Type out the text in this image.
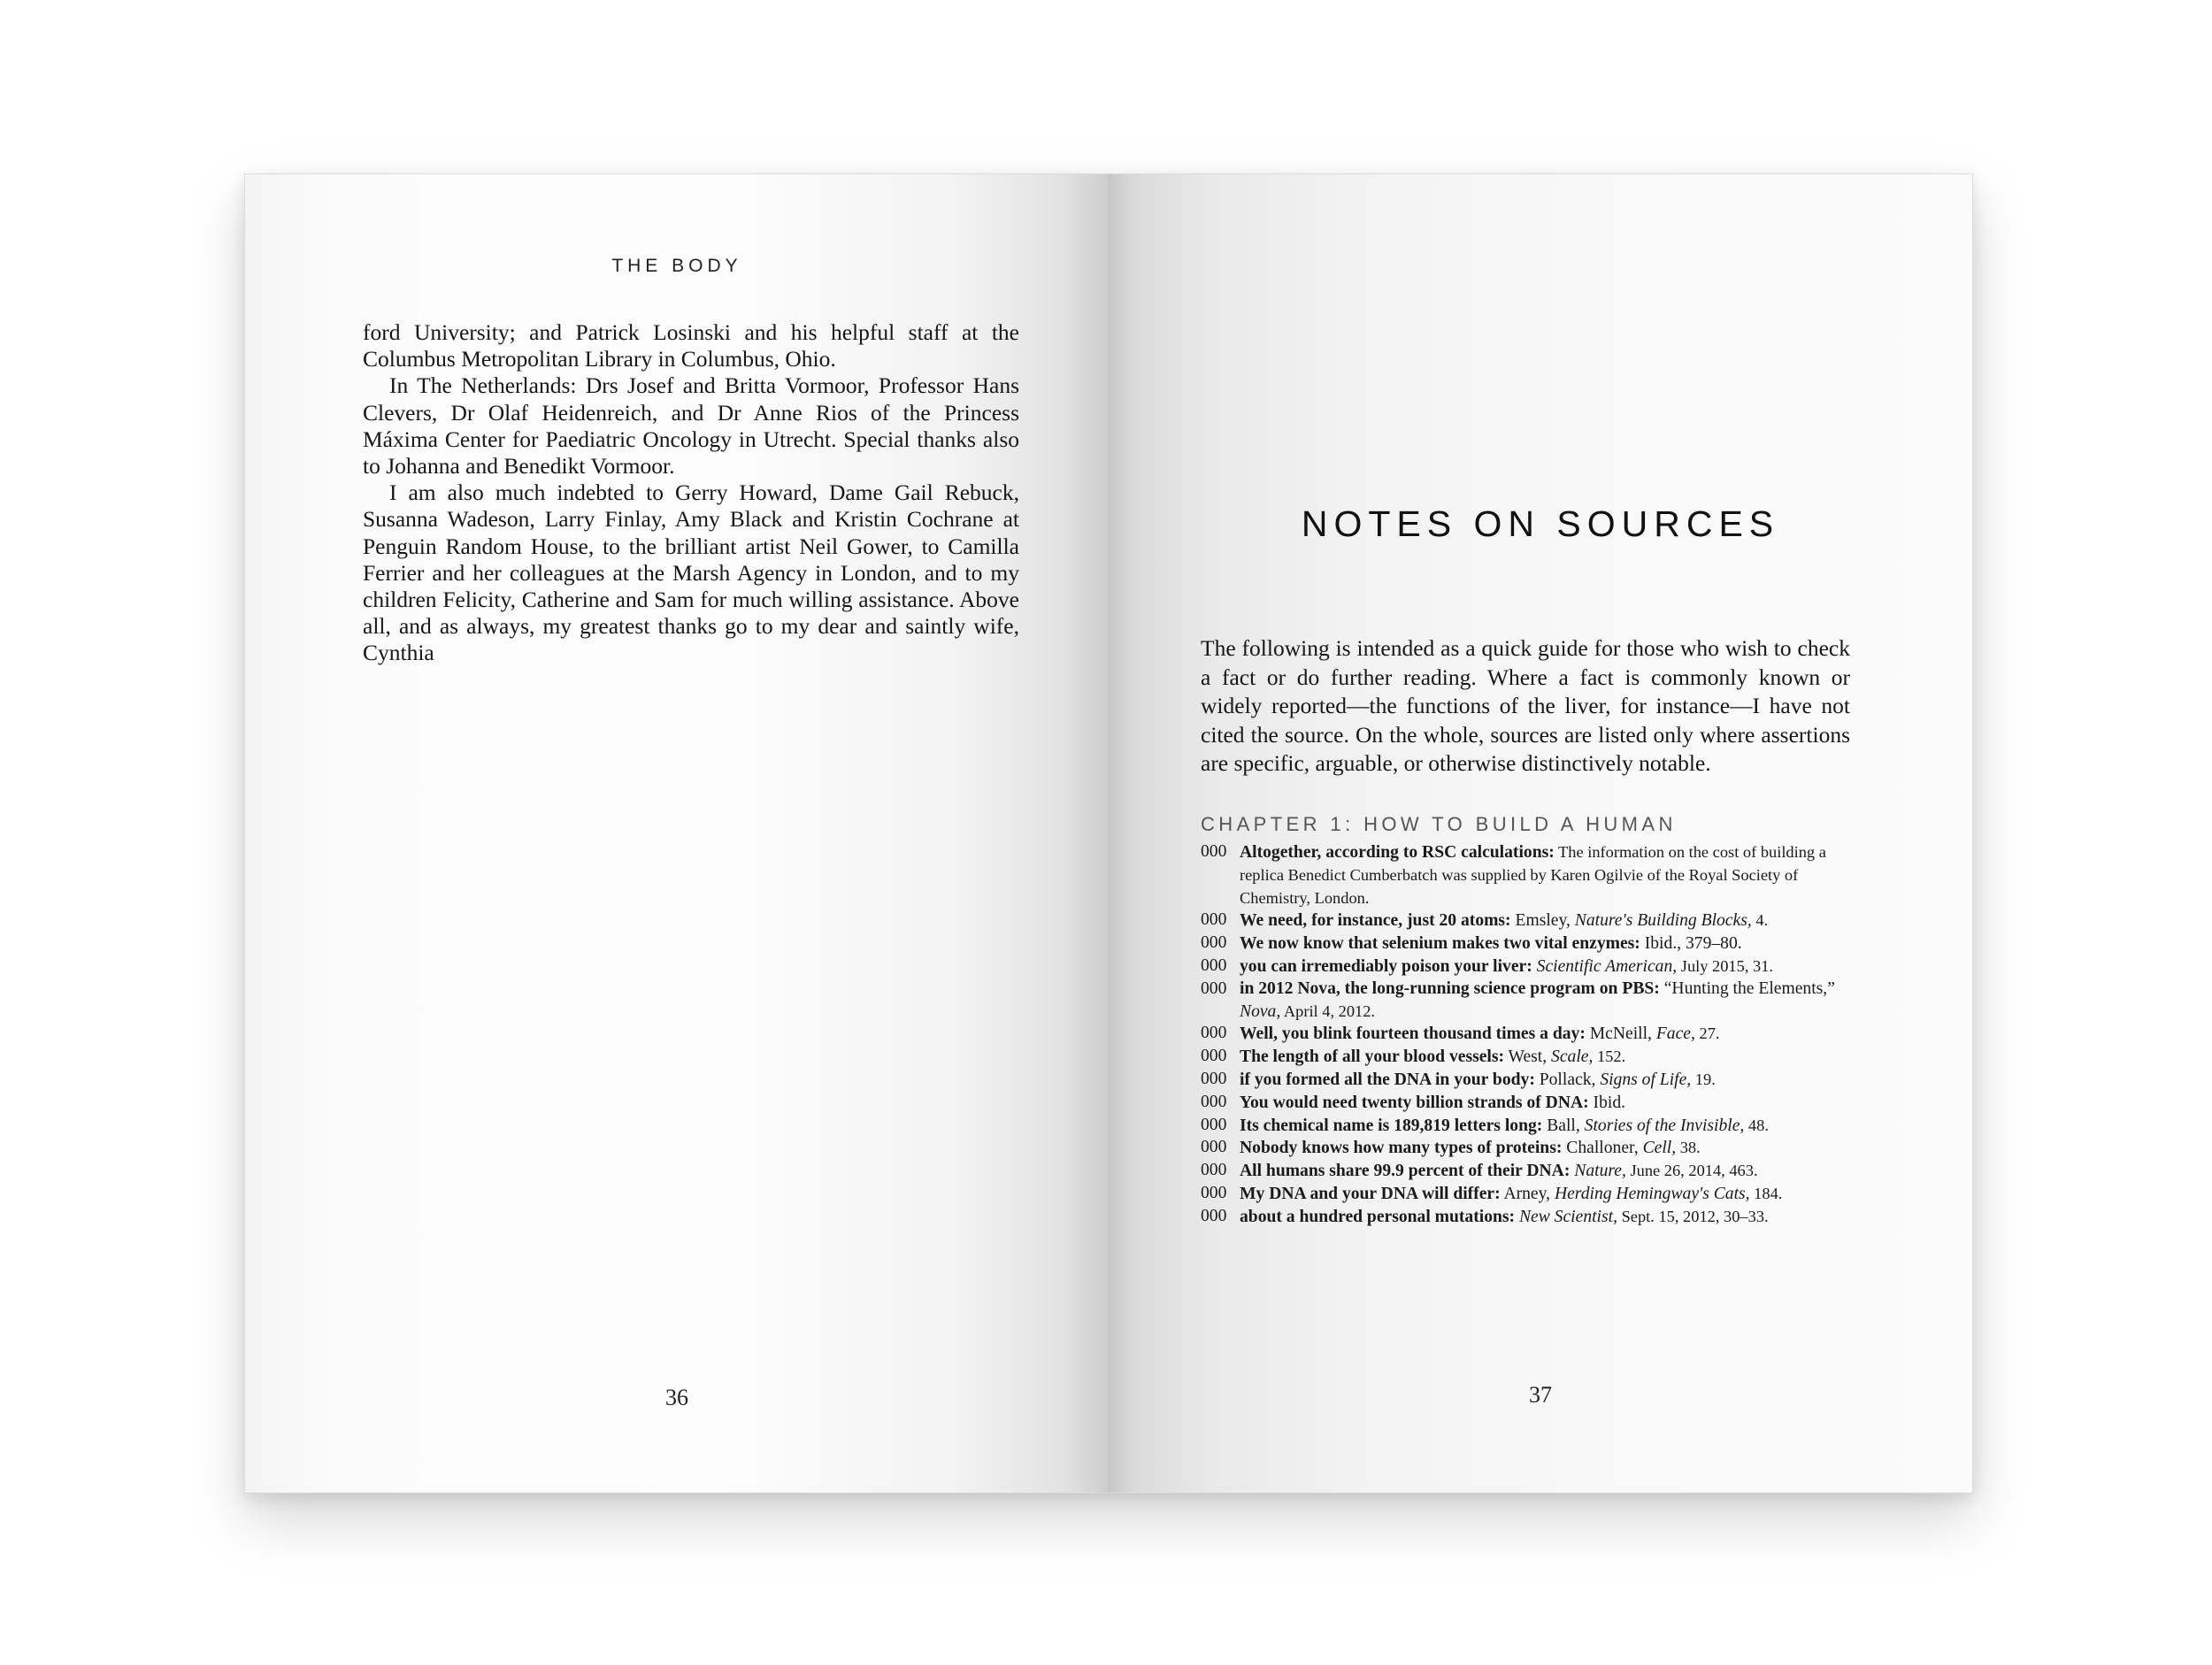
THE BODY

ford University; and Patrick Losinski and his helpful staff at the Columbus Metropolitan Library in Columbus, Ohio.

In The Netherlands: Drs Josef and Britta Vormoor, Professor Hans Clevers, Dr Olaf Heidenreich, and Dr Anne Rios of the Princess Máxima Center for Paediatric Oncology in Utrecht. Special thanks also to Johanna and Benedikt Vormoor.

I am also much indebted to Gerry Howard, Dame Gail Rebuck, Susanna Wadeson, Larry Finlay, Amy Black and Kristin Cochrane at Penguin Random House, to the brilliant artist Neil Gower, to Camilla Ferrier and her colleagues at the Marsh Agency in London, and to my children Felicity, Catherine and Sam for much willing assistance. Above all, and as always, my greatest thanks go to my dear and saintly wife, Cynthia

36
NOTES ON SOURCES
The following is intended as a quick guide for those who wish to check a fact or do further reading. Where a fact is commonly known or widely reported—the functions of the liver, for instance—I have not cited the source. On the whole, sources are listed only where assertions are specific, arguable, or otherwise distinctively notable.
CHAPTER 1: HOW TO BUILD A HUMAN
000 Altogether, according to RSC calculations: The information on the cost of building a replica Benedict Cumberbatch was supplied by Karen Ogilvie of the Royal Society of Chemistry, London.
000 We need, for instance, just 20 atoms: Emsley, Nature's Building Blocks, 4.
000 We now know that selenium makes two vital enzymes: Ibid., 379–80.
000 you can irremediably poison your liver: Scientific American, July 2015, 31.
000 in 2012 Nova, the long-running science program on PBS: “Hunting the Elements,” Nova, April 4, 2012.
000 Well, you blink fourteen thousand times a day: McNeill, Face, 27.
000 The length of all your blood vessels: West, Scale, 152.
000 if you formed all the DNA in your body: Pollack, Signs of Life, 19.
000 You would need twenty billion strands of DNA: Ibid.
000 Its chemical name is 189,819 letters long: Ball, Stories of the Invisible, 48.
000 Nobody knows how many types of proteins: Challoner, Cell, 38.
000 All humans share 99.9 percent of their DNA: Nature, June 26, 2014, 463.
000 My DNA and your DNA will differ: Arney, Herding Hemingway's Cats, 184.
000 about a hundred personal mutations: New Scientist, Sept. 15, 2012, 30–33.
37
